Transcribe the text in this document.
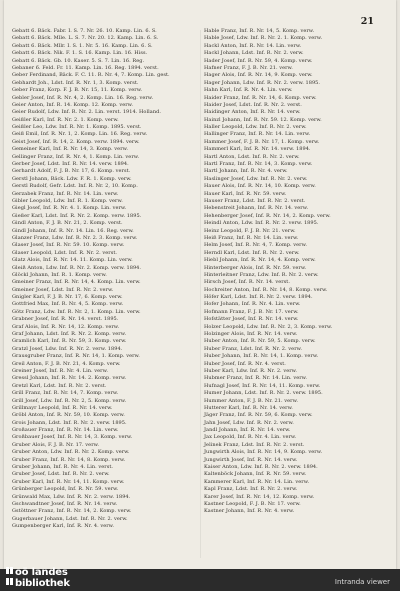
21
Gebatt 6. Bäck. Fabr. I. S. 7. Nr. 26. 10. Kamp. Lin. 6. S.
Gebatt 6. Bäck. Mlle. L. S. 7. Nr. 20. 12. Kamp. Lin. 6. S.
Gebatt 6. Bäck. Mllr. I. S. 1. Nr. 5. 16. Kamp. Lin. 6. S.
Gebatt 6. Bäck. Nik. F. 1. S. 16. Kamp. Lin. 16. Hiss.
Gebatt 6. Bäck. Gb. 10. Kaser. 5. S. 7. Lin. 16. Reg.
Gebaner 6. Feld. Fr. 11. Kamp. Lin. 16. Reg. 1894. verst.
Geber Ferdinand, Bäck. F. C. 11. R. Nr. 4, 7. Komp. Lin. gest.
Gebhardt Joh., Ldst. Inf. R. Nr. 1, 3. Komp. verst.
Geber Franz, Korp. F. J. B. Nr. 15, 11. Komp. verw.
Gebler Josef, Inf. R. Nr. 4, 2. Komp. Lin. 16. Reg. verw.
Geier Anton, Inf. R. 14. Komp. 12. Komp. verw.
Geier Rudolf, Ldw. Inf. R. Nr. 2. Lin. verst. 1914. Holland.
Geißler Karl, Inf. R. Nr. 2. 1. Komp. verw.
Geißler Leo, Ldw. Inf. R. Nr. 1. Komp. 1895. verst.
Geiß Emil, Inf. R. Nr. 1, 2. Komp. Lin. 16. Reg. verw.
Geist Josef, Inf. R. 14, 2. Komp. verw. 1894. verw.
Gemeiner Karl, Inf. R. Nr. 14, 3. Komp. verw.
Gellinger Franz, Inf. R. Nr. 4, 1. Komp. Lin. verw.
Gerber Josef, Ldst. Inf. R. Nr. 14. verw. 1894.
Gerhardt Adolf, F. J. B. Nr. 17, 6. Komp. verst.
Gerstl Johann, Bäck. Ldw. F. R. 1. Komp. verw.
Gerstl Rudolf, Gefr. Ldst. Inf. R. Nr. 2, 10. Komp.
Gerzabek Franz, Inf. R. Nr. 14. Lin. verw.
Gibler Leopold, Ldw. Inf. R. 1. Komp. verw.
Giegl Josef, Inf. R. Nr. 4. 1. Komp. Lin. verw.
Gießer Karl, Ldst. Inf. R. Nr. 2. Komp. verw. 1895.
Gindl Anton, F. J. B. Nr. 21, 2. Komp. verst.
Gindl Johann, Inf. R. Nr. 14. Lin. 16. Reg. verw.
Glanzer Franz, Ldw. Inf. R. Nr. 2. 3. Komp. verw.
Glaser Josef, Inf. R. Nr. 59. 10. Komp. verw.
Glaser Leopold, Ldst. Inf. R. Nr. 2. verst.
Glatz Alois, Inf. R. Nr. 14. 11. Komp. Lin. verw.
Gleiß Anton, Ldw. Inf. R. Nr. 2. Komp. verw. 1894.
Glöckl Johann, Inf. R. 1. Komp. verw.
Gmeiner Franz, Inf. R. Nr. 14, 4. Komp. Lin. verw.
Gmeiner Josef, Ldst. Inf. R. Nr. 2. verw.
Gnigler Karl, F. J. B. Nr. 17, 6. Komp. verw.
Gottfried Max, Inf. R. Nr. 4, 5. Komp. verw.
Götz Franz, Ldw. Inf. R. Nr. 2, 1. Komp. Lin. verw.
Grabner Josef, Inf. R. Nr. 14. verst. 1895.
Graf Alois, Inf. R. Nr. 14, 12. Komp. verw.
Graf Johann, Ldst. Inf. R. Nr. 2. Komp. verw.
Gramlich Karl, Inf. R. Nr. 59, 3. Komp. verw.
Gratzl Josef, Ldw. Inf. R. Nr. 2. verw. 1894.
Grausgruber Franz, Inf. R. Nr. 14, 1. Komp. verw.
Greil Anton, F. J. B. Nr. 21, 4. Komp. verw.
Greiner Josef, Inf. R. Nr. 4. Lin. verw.
Gressl Johann, Inf. R. Nr. 14. 2. Komp. verw.
Gretzl Karl, Ldst. Inf. R. Nr. 2. verst.
Grill Franz, Inf. R. Nr. 14, 7. Komp. verw.
Grill Josef, Ldw. Inf. R. Nr. 2, 5. Komp. verw.
Grillmayr Leopold, Inf. R. Nr. 14. verw.
Gröbl Anton, Inf. R. Nr. 59, 10. Komp. verw.
Grois Johann, Ldst. Inf. R. Nr. 2. verw. 1895.
Großauer Franz, Inf. R. Nr. 14. Lin. verw.
Großbauer Josef, Inf. R. Nr. 14, 3. Komp. verw.
Gruber Alois, F. J. B. Nr. 17. verw.
Gruber Anton, Ldw. Inf. R. Nr. 2. Komp. verw.
Gruber Franz, Inf. R. Nr. 14, 8. Komp. verw.
Gruber Johann, Inf. R. Nr. 4. Lin. verst.
Gruber Josef, Ldst. Inf. R. Nr. 2. verw.
Gruber Karl, Inf. R. Nr. 14, 11. Komp. verw.
Grünberger Leopold, Inf. R. Nr. 59. verw.
Grünwald Max, Ldw. Inf. R. Nr. 2. verw. 1894.
Gschwandtner Josef, Inf. R. Nr. 14. verw.
Gstöttner Franz, Inf. R. Nr. 14, 2. Komp. verw.
Gugerbauer Johann, Ldst. Inf. R. Nr. 2. verw.
Gumpenberger Karl, Inf. R. Nr. 4. verw.
Hable Franz, Inf. R. Nr. 14, 5. Komp. verw.
Hable Josef, Ldw. Inf. R. Nr. 2. 1. Komp. verw.
Hackl Anton, Inf. R. Nr. 14. Lin. verw.
Hackl Johann, Ldst. Inf. R. Nr. 2. verw.
Hader Josef, Inf. R. Nr. 59, 4. Komp. verw.
Hafner Franz, F. J. B. Nr. 21. verw.
Hager Alois, Inf. R. Nr. 14, 9. Komp. verw.
Hager Johann, Ldw. Inf. R. Nr. 2. verw. 1895.
Hahn Karl, Inf. R. Nr. 4. Lin. verw.
Haider Franz, Inf. R. Nr. 14, 6. Komp. verw.
Haider Josef, Ldst. Inf. R. Nr. 2. verst.
Haidinger Anton, Inf. R. Nr. 14. verw.
Hainzl Johann, Inf. R. Nr. 59. 12. Komp. verw.
Haller Leopold, Ldw. Inf. R. Nr. 2. verw.
Hallinger Franz, Inf. R. Nr. 14. Lin. verw.
Hammer Josef, F. J. B. Nr. 17, 1. Komp. verw.
Hammerl Karl, Inf. R. Nr. 14. verw. 1894.
Hartl Anton, Ldst. Inf. R. Nr. 2. verw.
Hartl Franz, Inf. R. Nr. 14, 3. Komp. verw.
Hartl Johann, Inf. R. Nr. 4. verw.
Haslinger Josef, Ldw. Inf. R. Nr. 2. verw.
Hauer Alois, Inf. R. Nr. 14, 10. Komp. verw.
Hauer Karl, Inf. R. Nr. 59. verw.
Hauser Franz, Ldst. Inf. R. Nr. 2. verst.
Hebenstreit Johann, Inf. R. Nr. 14. verw.
Hehenberger Josef, Inf. R. Nr. 14, 2. Komp. verw.
Heindl Anton, Ldw. Inf. R. Nr. 2. verw. 1895.
Heinz Leopold, F. J. B. Nr. 21. verw.
Heiß Franz, Inf. R. Nr. 14. Lin. verw.
Helm Josef, Inf. R. Nr. 4, 7. Komp. verw.
Herndl Karl, Ldst. Inf. R. Nr. 2. verw.
Hiebl Johann, Inf. R. Nr. 14, 4. Komp. verw.
Hinterberger Alois, Inf. R. Nr. 59. verw.
Hinterleitner Franz, Ldw. Inf. R. Nr. 2. verw.
Hirsch Josef, Inf. R. Nr. 14. verst.
Hochreiter Anton, Inf. R. Nr. 14, 8. Komp. verw.
Höfer Karl, Ldst. Inf. R. Nr. 2. verw. 1894.
Hofer Johann, Inf. R. Nr. 4. Lin. verw.
Hofmann Franz, F. J. B. Nr. 17. verw.
Hofstätter Josef, Inf. R. Nr. 14. verw.
Holzer Leopold, Ldw. Inf. R. Nr. 2, 3. Komp. verw.
Holzinger Alois, Inf. R. Nr. 14. verw.
Huber Anton, Inf. R. Nr. 59, 5. Komp. verw.
Huber Franz, Ldst. Inf. R. Nr. 2. verw.
Huber Johann, Inf. R. Nr. 14, 1. Komp. verw.
Huber Josef, Inf. R. Nr. 4. verst.
Huber Karl, Ldw. Inf. R. Nr. 2. verw.
Hubmer Franz, Inf. R. Nr. 14. Lin. verw.
Hufnagl Josef, Inf. R. Nr. 14, 11. Komp. verw.
Humer Johann, Ldst. Inf. R. Nr. 2. verw. 1895.
Hummer Anton, F. J. B. Nr. 21. verw.
Hutterer Karl, Inf. R. Nr. 14. verw.
Jäger Franz, Inf. R. Nr. 59, 6. Komp. verw.
Jahn Josef, Ldw. Inf. R. Nr. 2. verw.
Jandl Johann, Inf. R. Nr. 14. verw.
Jax Leopold, Inf. R. Nr. 4. Lin. verw.
Jelinek Franz, Ldst. Inf. R. Nr. 2. verst.
Jungwirth Alois, Inf. R. Nr. 14, 9. Komp. verw.
Jungwirth Josef, Inf. R. Nr. 14. verw.
Kaiser Anton, Ldw. Inf. R. Nr. 2. verw. 1894.
Kaltenböck Johann, Inf. R. Nr. 59. verw.
Kammerer Karl, Inf. R. Nr. 14. Lin. verw.
Kapl Franz, Ldst. Inf. R. Nr. 2. verw.
Karer Josef, Inf. R. Nr. 14, 12. Komp. verw.
Kastner Leopold, F. J. B. Nr. 17. verw.
Kastner Johann, Inf. R. Nr. 4. verw.
oö landes
bibliothek	Intranda viewer
